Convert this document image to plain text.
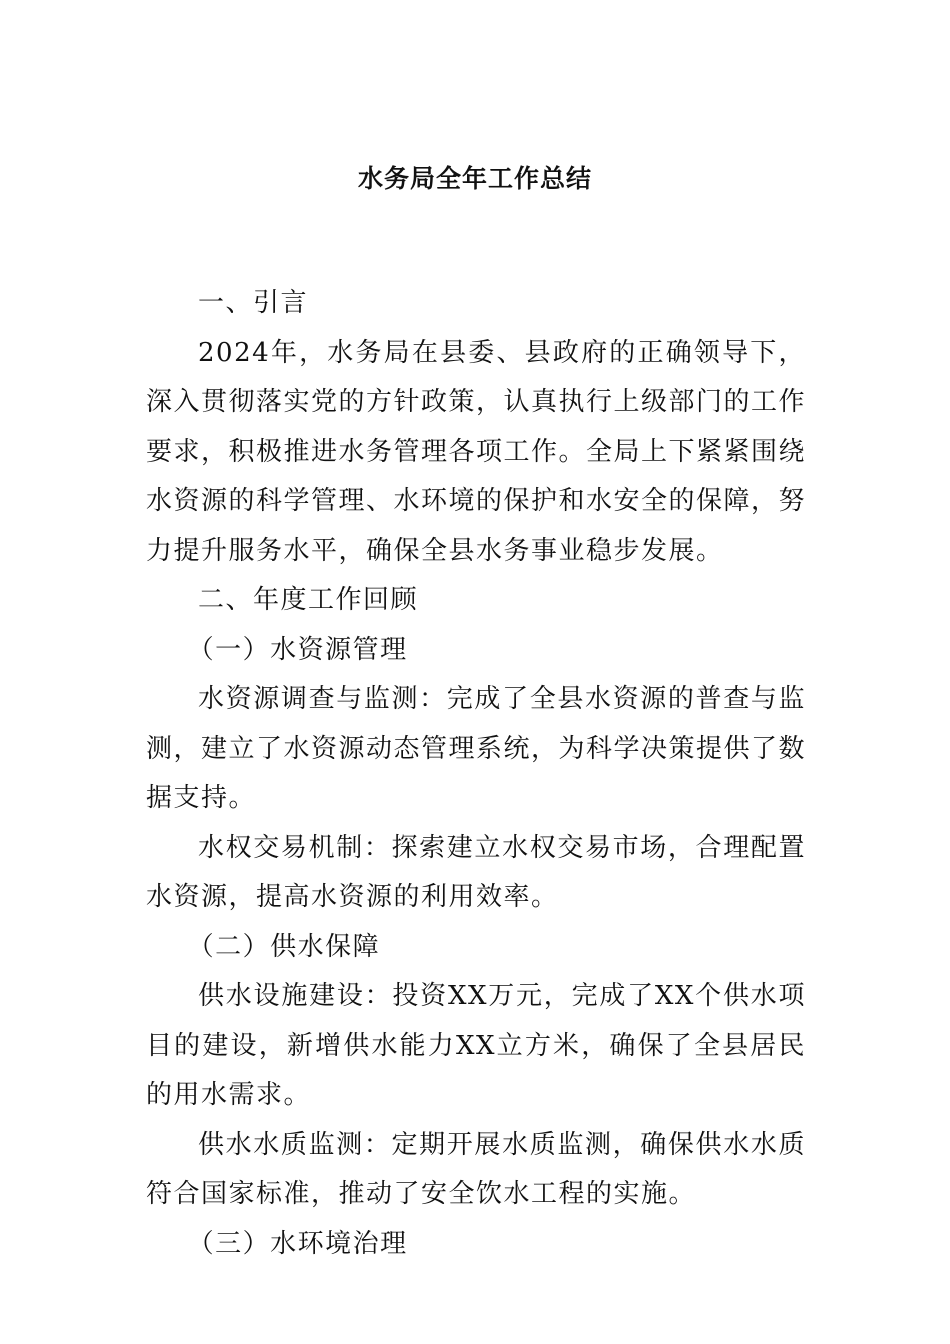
水务局全年工作总结

一、引言

2024年，水务局在县委、县政府的正确领导下，深入贯彻落实党的方针政策，认真执行上级部门的工作要求，积极推进水务管理各项工作。全局上下紧紧围绕水资源的科学管理、水环境的保护和水安全的保障，努力提升服务水平，确保全县水务事业稳步发展。

二、年度工作回顾

（一）水资源管理

水资源调查与监测：完成了全县水资源的普查与监测，建立了水资源动态管理系统，为科学决策提供了数据支持。

水权交易机制：探索建立水权交易市场，合理配置水资源，提高水资源的利用效率。

（二）供水保障

供水设施建设：投资XX万元，完成了XX个供水项目的建设，新增供水能力XX立方米，确保了全县居民的用水需求。

供水水质监测：定期开展水质监测，确保供水水质符合国家标准，推动了安全饮水工程的实施。

（三）水环境治理
